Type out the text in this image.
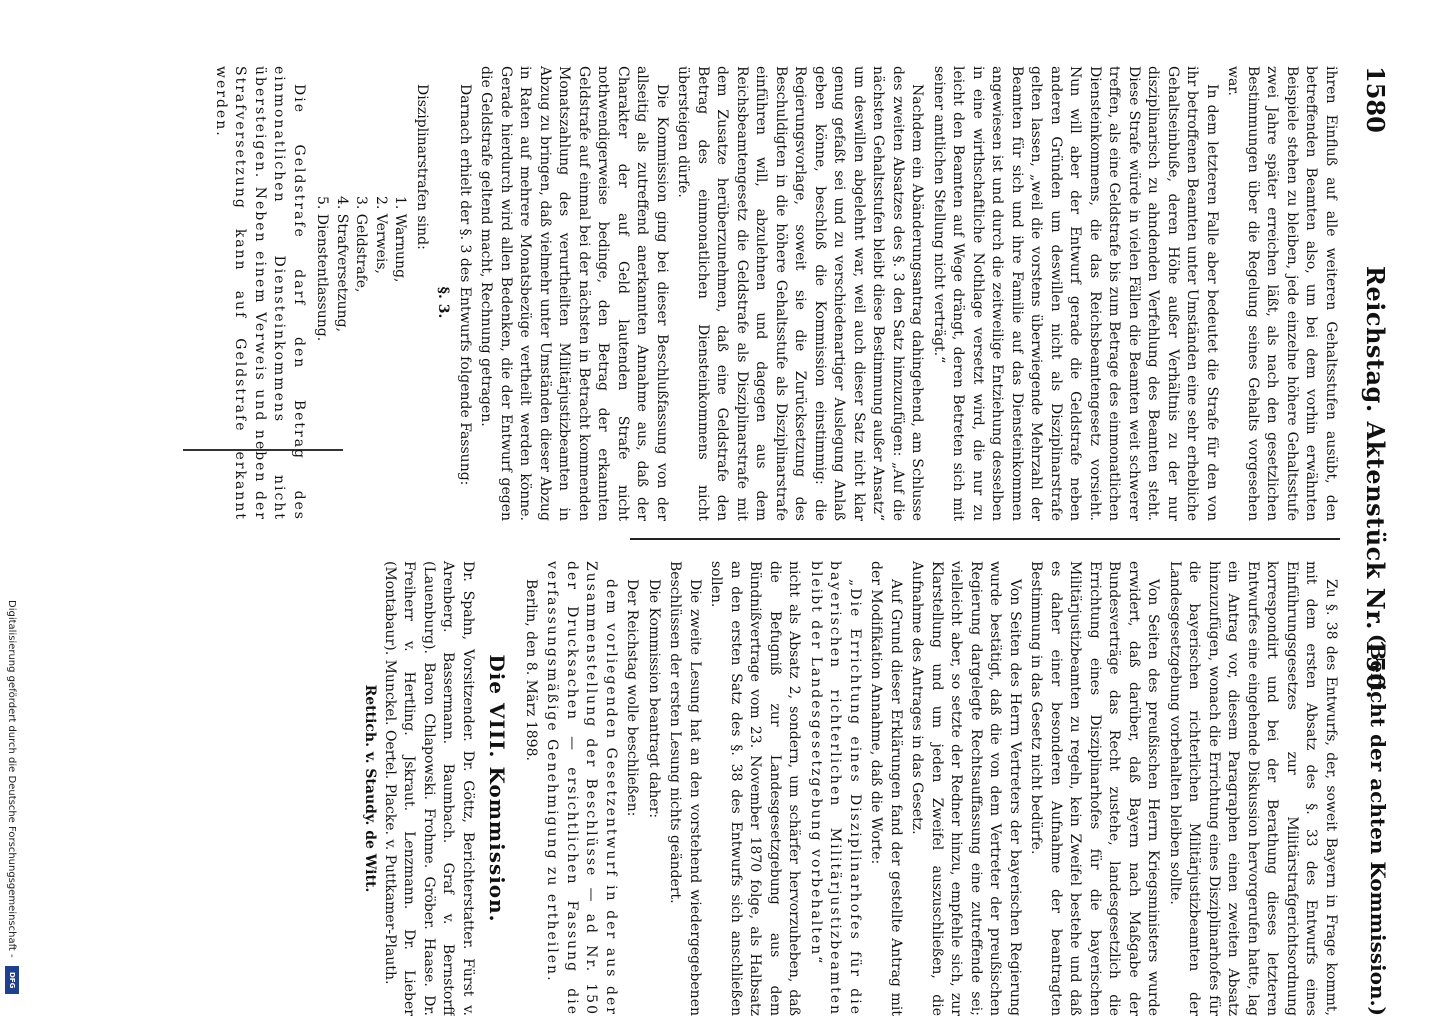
Digitalisierung gefördert durch die Deutsche Forschungsgemeinschaft -
DFG
1580
Reichstag. Aktenstück Nr. 150.
(Bericht der achten Kommission.)

ihren Einfluß auf alle weiteren Gehaltsstufen ausübt, den betreffenden Beamten also, um bei dem vorhin erwähnten Beispiele stehen zu bleiben, jede einzelne höhere Gehaltsstufe zwei Jahre später erreichen läßt, als nach den gesetzlichen Bestimmungen über die Regelung seines Gehalts vorgesehen war.

In dem letzteren Falle aber bedeutet die Strafe für den von ihr betroffenen Beamten unter Umständen eine sehr erhebliche Gehaltseinbuße, deren Höhe außer Verhältnis zu der nur disziplinarisch zu ahndenden Verfehlung des Beamten steht. Diese Strafe würde in vielen Fällen die Beamten weit schwerer treffen, als eine Geldstrafe bis zum Betrage des einmonatlichen Diensteinkommens, die das Reichsbeamtengesetz vorsieht. Nun will aber der Entwurf gerade die Geldstrafe neben anderen Gründen um deswillen nicht als Disziplinarstrafe gelten lassen, „weil die vorstens überwiegende Mehrzahl der Beamten für sich und ihre Familie auf das Diensteinkommen angewiesen ist und durch die zeitweilige Entziehung desselben in eine wirthschaftliche Nothlage versetzt wird, die nur zu leicht den Beamten auf Wege drängt, deren Betreten sich mit seiner amtlichen Stellung nicht verträgt.“

Nachdem ein Abänderungsantrag dahingehend, am Schlusse des zweiten Absatzes des §. 3 den Satz hinzuzufügen: „Auf die nächsten Gehaltsstufen bleibt diese Bestimmung außer Ansatz“ um deswillen abgelehnt war, weil auch dieser Satz nicht klar genug gefaßt sei und zu verschiedenartiger Auslegung Anlaß geben könne, beschloß die Kommission einstimmig: die Regierungsvorlage, soweit sie die Zurücksetzung des Beschuldigten in die höhere Gehaltsstufe als Disziplinarstrafe einführen will, abzulehnen und dagegen aus dem Reichsbeamtengesetz die Geldstrafe als Disziplinarstrafe mit dem Zusatze herüberzunehmen, daß eine Geldstrafe den Betrag des einmonatlichen Diensteinkommens nicht übersteigen dürfe.

Die Kommission ging bei dieser Beschlußfassung von der allseitig als zutreffend anerkannten Annahme aus, daß der Charakter der auf Geld lautenden Strafe nicht nothwendigerweise bedinge, den Betrag der erkannten Geldstrafe auf einmal bei der nächsten in Betracht kommenden Monatszahlung des verurtheilten Militärjustizbeamten in Abzug zu bringen, daß vielmehr unter Umständen dieser Abzug in Raten auf mehrere Monatsbezüge vertheilt werden könne. Gerade hierdurch wird allen Bedenken, die der Entwurf gegen die Geldstrafe geltend macht, Rechnung getragen.

Darnach erhielt der §. 3 des Entwurfs folgende Fassung:

§. 3.

Disziplinarstrafen sind:

1. Warnung,
2. Verweis,
3. Geldstrafe,
4. Strafversetzung,
5. Dienstentlassung.

Die Geldstrafe darf den Betrag des einmonatlichen Diensteinkommens nicht übersteigen. Neben einem Verweis und neben der Strafversetzung kann auf Geldstrafe erkannt werden.

Zu §. 38 des Entwurfs, der, soweit Bayern in Frage kommt, mit dem ersten Absatz des §. 33 des Entwurfs eines Einführungsgesetzes zur Militärstrafgerichtsordnung korrespondirt und bei der Berathung dieses letzteren Entwurfes eine eingehende Diskussion hervorgerufen hatte, lag ein Antrag vor, diesem Paragraphen einen zweiten Absatz hinzuzufügen, wonach die Errichtung eines Disziplinarhofes für die bayerischen richterlichen Militärjustizbeamten der Landesgesetzgebung vorbehalten bleiben sollte.

Von Seiten des preußischen Herrn Kriegsministers wurde erwidert, daß darüber, daß Bayern nach Maßgabe der Bundesverträge das Recht zustehe, landesgesetzlich die Errichtung eines Disziplinarhofes für die bayerischen Militärjustizbeamten zu regeln, kein Zweifel bestehe und daß es daher einer besonderen Aufnahme der beantragten Bestimmung in das Gesetz nicht bedürfe.

Von Seiten des Herrn Vertreters der bayerischen Regierung wurde bestätigt, daß die von dem Vertreter der preußischen Regierung dargelegte Rechtsauffassung eine zutreffende sei; vielleicht aber, so setzte der Redner hinzu, empfehle sich, zur Klarstellung und um jeden Zweifel auszuschließen, die Aufnahme des Antrages in das Gesetz.

Auf Grund dieser Erklärungen fand der gestellte Antrag mit der Modifikation Annahme, daß die Worte:

„Die Errichtung eines Disziplinarhofes für die bayerischen richterlichen Militärjustizbeamten bleibt der Landesgesetzgebung vorbehalten“

nicht als Absatz 2, sondern, um schärfer hervorzuheben, daß die Befugniß zur Landesgesetzgebung aus dem Bündnißvertrage vom 23. November 1870 folge, als Halbsatz an den ersten Satz des §. 38 des Entwurfs sich anschließen sollen.

Die zweite Lesung hat an den vorstehend wiedergegebenen Beschlüssen der ersten Lesung nichts geändert.

Die Kommission beantragt daher:

Der Reichstag wolle beschließen:

dem vorliegenden Gesetzentwurf in der aus der Zusammenstellung der Beschlüsse — ad Nr. 150 der Drucksachen — ersichtlichen Fassung die verfassungsmäßige Genehmigung zu ertheilen.

Berlin, den 8. März 1898.

Die VIII. Kommission.
Dr. Spahn, Vorsitzender. Dr. Göttz, Berichterstatter. Fürst v. Arenberg. Bassermann. Baumbach. Graf v. Bernstorff (Lauenburg). Baron Chlapowski. Frohme. Gröber. Haase. Dr. Freiherr v. Hertling. Jskraut. Lenzmann. Dr. Lieber (Montabaur). Munckel. Oertel. Placke. v. Puttkamer-Plauth.
Rettich. v. Staudy. de Witt.
